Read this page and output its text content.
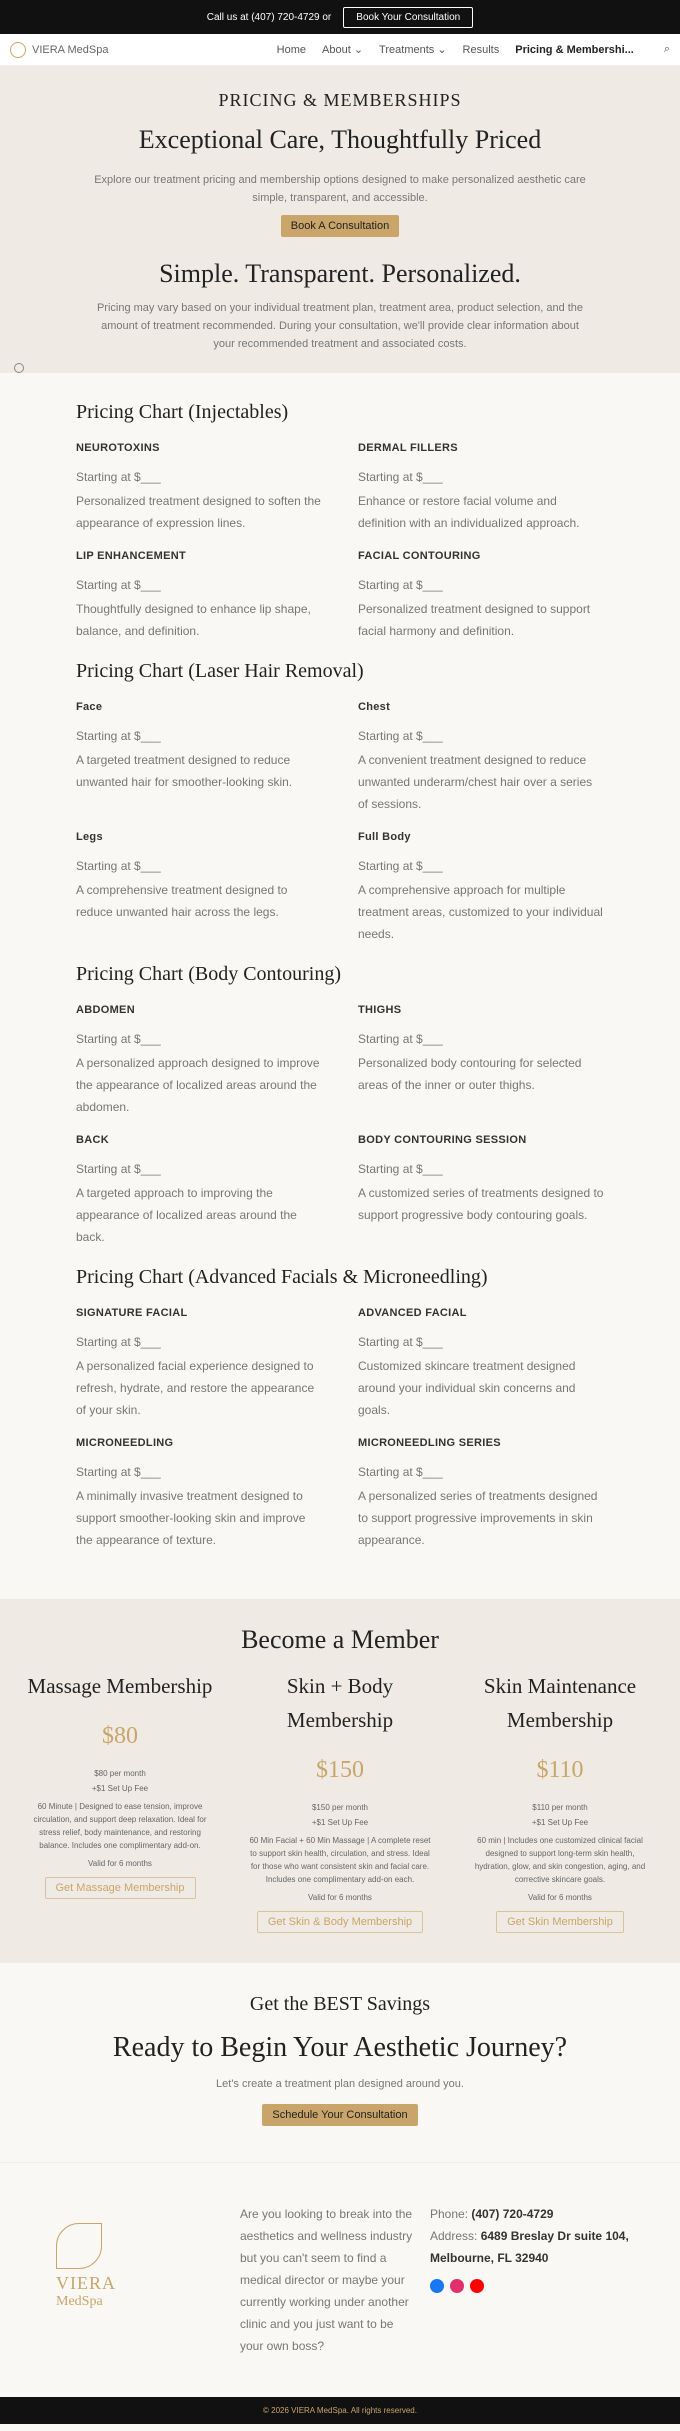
Call us at (407) 720-4729 or	Book Your Consultation
VIERA MedSpa	Home About ⌄ Treatments ⌄ Results Pricing & Membershi...	⌕
PRICING & MEMBERSHIPS
Exceptional Care, Thoughtfully Priced

Explore our treatment pricing and membership options designed to make personalized aesthetic care simple, transparent, and accessible.

Book A Consultation
Simple. Transparent. Personalized.

Pricing may vary based on your individual treatment plan, treatment area, product selection, and the amount of treatment recommended. During your consultation, we'll provide clear information about your recommended treatment and associated costs.

Pricing Chart (Injectables)
NEUROTOXINS
Starting at $___
Personalized treatment designed to soften the appearance of expression lines.
DERMAL FILLERS
Starting at $___
Enhance or restore facial volume and definition with an individualized approach.
LIP ENHANCEMENT
Starting at $___
Thoughtfully designed to enhance lip shape, balance, and definition.
FACIAL CONTOURING
Starting at $___
Personalized treatment designed to support facial harmony and definition.
Pricing Chart (Laser Hair Removal)
Face
Starting at $___
A targeted treatment designed to reduce unwanted hair for smoother-looking skin.
Chest
Starting at $___
A convenient treatment designed to reduce unwanted underarm/chest hair over a series of sessions.
Legs
Starting at $___
A comprehensive treatment designed to reduce unwanted hair across the legs.
Full Body
Starting at $___
A comprehensive approach for multiple treatment areas, customized to your individual needs.
Pricing Chart (Body Contouring)
ABDOMEN
Starting at $___
A personalized approach designed to improve the appearance of localized areas around the abdomen.
THIGHS
Starting at $___
Personalized body contouring for selected areas of the inner or outer thighs.
BACK
Starting at $___
A targeted approach to improving the appearance of localized areas around the back.
BODY CONTOURING SESSION
Starting at $___
A customized series of treatments designed to support progressive body contouring goals.
Pricing Chart (Advanced Facials & Microneedling)
SIGNATURE FACIAL
Starting at $___
A personalized facial experience designed to refresh, hydrate, and restore the appearance of your skin.
ADVANCED FACIAL
Starting at $___
Customized skincare treatment designed around your individual skin concerns and goals.
MICRONEEDLING
Starting at $___
A minimally invasive treatment designed to support smoother-looking skin and improve the appearance of texture.
MICRONEEDLING SERIES
Starting at $___
A personalized series of treatments designed to support progressive improvements in skin appearance.
Become a Member
Massage Membership
$80
$80 per month
+$1 Set Up Fee
60 Minute | Designed to ease tension, improve circulation, and support deep relaxation. Ideal for stress relief, body maintenance, and restoring balance. Includes one complimentary add-on.
Valid for 6 months
Get Massage Membership
Skin + Body Membership
$150
$150 per month
+$1 Set Up Fee
60 Min Facial + 60 Min Massage | A complete reset to support skin health, circulation, and stress. Ideal for those who want consistent skin and facial care. Includes one complimentary add-on each.
Valid for 6 months
Get Skin & Body Membership
Skin Maintenance Membership
$110
$110 per month
+$1 Set Up Fee
60 min | Includes one customized clinical facial designed to support long-term skin health, hydration, glow, and skin congestion, aging, and corrective skincare goals.
Valid for 6 months
Get Skin Membership
Get the BEST Savings
Ready to Begin Your Aesthetic Journey?

Let's create a treatment plan designed around you.

Schedule Your Consultation
VIERA
MedSpa
Are you looking to break into the aesthetics and wellness industry but you can't seem to find a medical director or maybe your currently working under another clinic and you just want to be your own boss?
Phone: (407) 720-4729
Address: 6489 Breslay Dr suite 104, Melbourne, FL 32940
© 2026 VIERA MedSpa. All rights reserved.
